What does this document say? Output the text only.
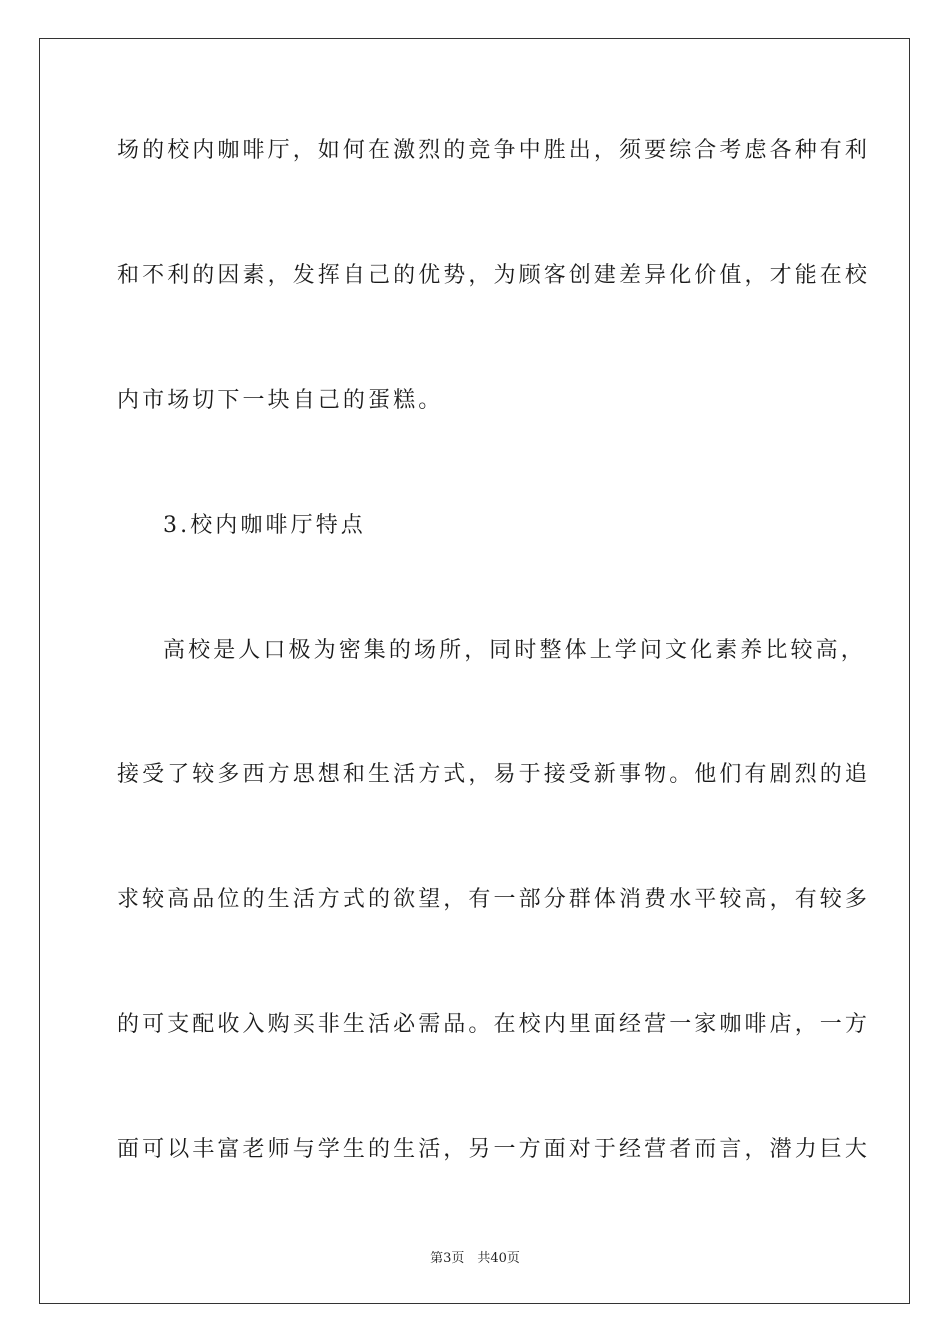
场的校内咖啡厅，如何在激烈的竞争中胜出，须要综合考虑各种有利
和不利的因素，发挥自己的优势，为顾客创建差异化价值，才能在校
内市场切下一块自己的蛋糕。
3.校内咖啡厅特点
高校是人口极为密集的场所，同时整体上学问文化素养比较高，
接受了较多西方思想和生活方式，易于接受新事物。他们有剧烈的追
求较高品位的生活方式的欲望，有一部分群体消费水平较高，有较多
的可支配收入购买非生活必需品。在校内里面经营一家咖啡店，一方
面可以丰富老师与学生的生活，另一方面对于经营者而言，潜力巨大
第3页　共40页
